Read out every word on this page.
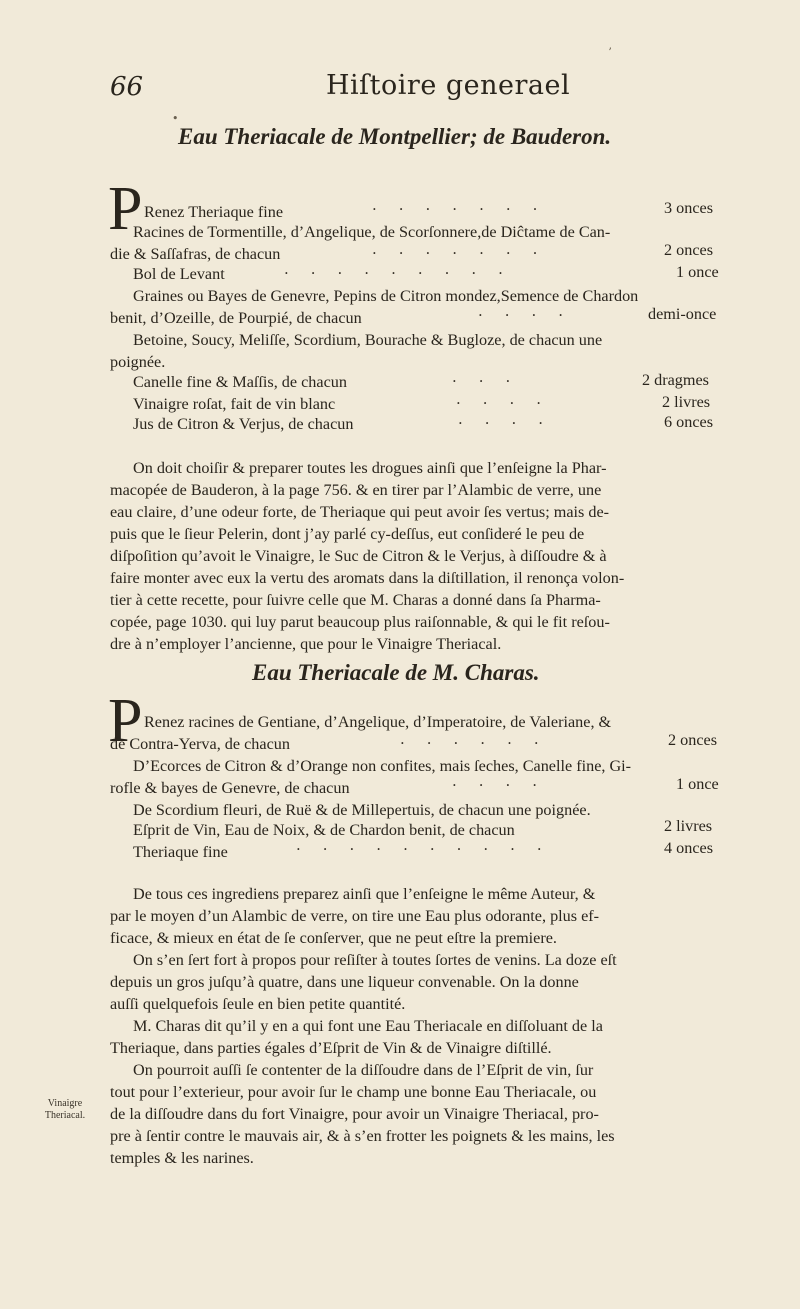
66	Hiſtoire generael
Eau Theriacale de Montpellier; de Bauderon.
P Renez Theriaque fine	·······	3 onces
Racines de Tormentille, d’Angelique, de Scorſonnere,de Diĉtame de Can-
die & Saſſafras, de chacun	·······	2 onces
Bol de Levant	·········	1 once
Graines ou Bayes de Genevre, Pepins de Citron mondez,Semence de Chardon
benit, d’Ozeille, de Pourpié, de chacun	····	demi-once
Betoine, Soucy, Meliſſe, Scordium, Bourache & Bugloze, de chacun une
poignée.
Canelle fine & Maſſis, de chacun	···	2 dragmes
Vinaigre roſat, fait de vin blanc	····	2 livres
Jus de Citron & Verjus, de chacun	····	6 onces
On doit choiſir & preparer toutes les drogues ainſi que l’enſeigne la Phar-
macopée de Bauderon, à la page 756. & en tirer par l’Alambic de verre, une
eau claire, d’une odeur forte, de Theriaque qui peut avoir ſes vertus; mais de-
puis que le ſieur Pelerin, dont j’ay parlé cy-deſſus, eut conſideré le peu de
diſpoſition qu’avoit le Vinaigre, le Suc de Citron & le Verjus, à diſſoudre & à
faire monter avec eux la vertu des aromats dans la diſtillation, il renonça volon-
tier à cette recette, pour ſuivre celle que M. Charas a donné dans ſa Pharma-
copée, page 1030. qui luy parut beaucoup plus raiſonnable, & qui le fit reſou-
dre à n’employer l’ancienne, que pour le Vinaigre Theriacal.
Eau Theriacale de M. Charas.
P Renez racines de Gentiane, d’Angelique, d’Imperatoire, de Valeriane, &
de Contra-Yerva, de chacun	······	2 onces
D’Ecorces de Citron & d’Orange non confites, mais ſeches, Canelle fine, Gi-
rofle & bayes de Genevre, de chacun	····	1 once
De Scordium fleuri, de Ruë & de Millepertuis, de chacun une poignée.
Eſprit de Vin, Eau de Noix, & de Chardon benit, de chacun	2 livres
Theriaque fine	··········	4 onces
De tous ces ingrediens preparez ainſi que l’enſeigne le même Auteur, &
par le moyen d’un Alambic de verre, on tire une Eau plus odorante, plus ef-
ficace, & mieux en état de ſe conſerver, que ne peut eſtre la premiere.
On s’en ſert fort à propos pour reſiſter à toutes ſortes de venins. La doze eſt
depuis un gros juſqu’à quatre, dans une liqueur convenable. On la donne
auſſi quelquefois ſeule en bien petite quantité.
M. Charas dit qu’il y en a qui font une Eau Theriacale en diſſoluant de la
Theriaque, dans parties égales d’Eſprit de Vin & de Vinaigre diſtillé.
On pourroit auſſi ſe contenter de la diſſoudre dans de l’Eſprit de vin, ſur
tout pour l’exterieur, pour avoir ſur le champ une bonne Eau Theriacale, ou
de la diſſoudre dans du fort Vinaigre, pour avoir un Vinaigre Theriacal, pro-
pre à ſentir contre le mauvais air, & à s’en frotter les poignets & les mains, les
temples & les narines.
Vinaigre
Theriacal.
•
ʼ
